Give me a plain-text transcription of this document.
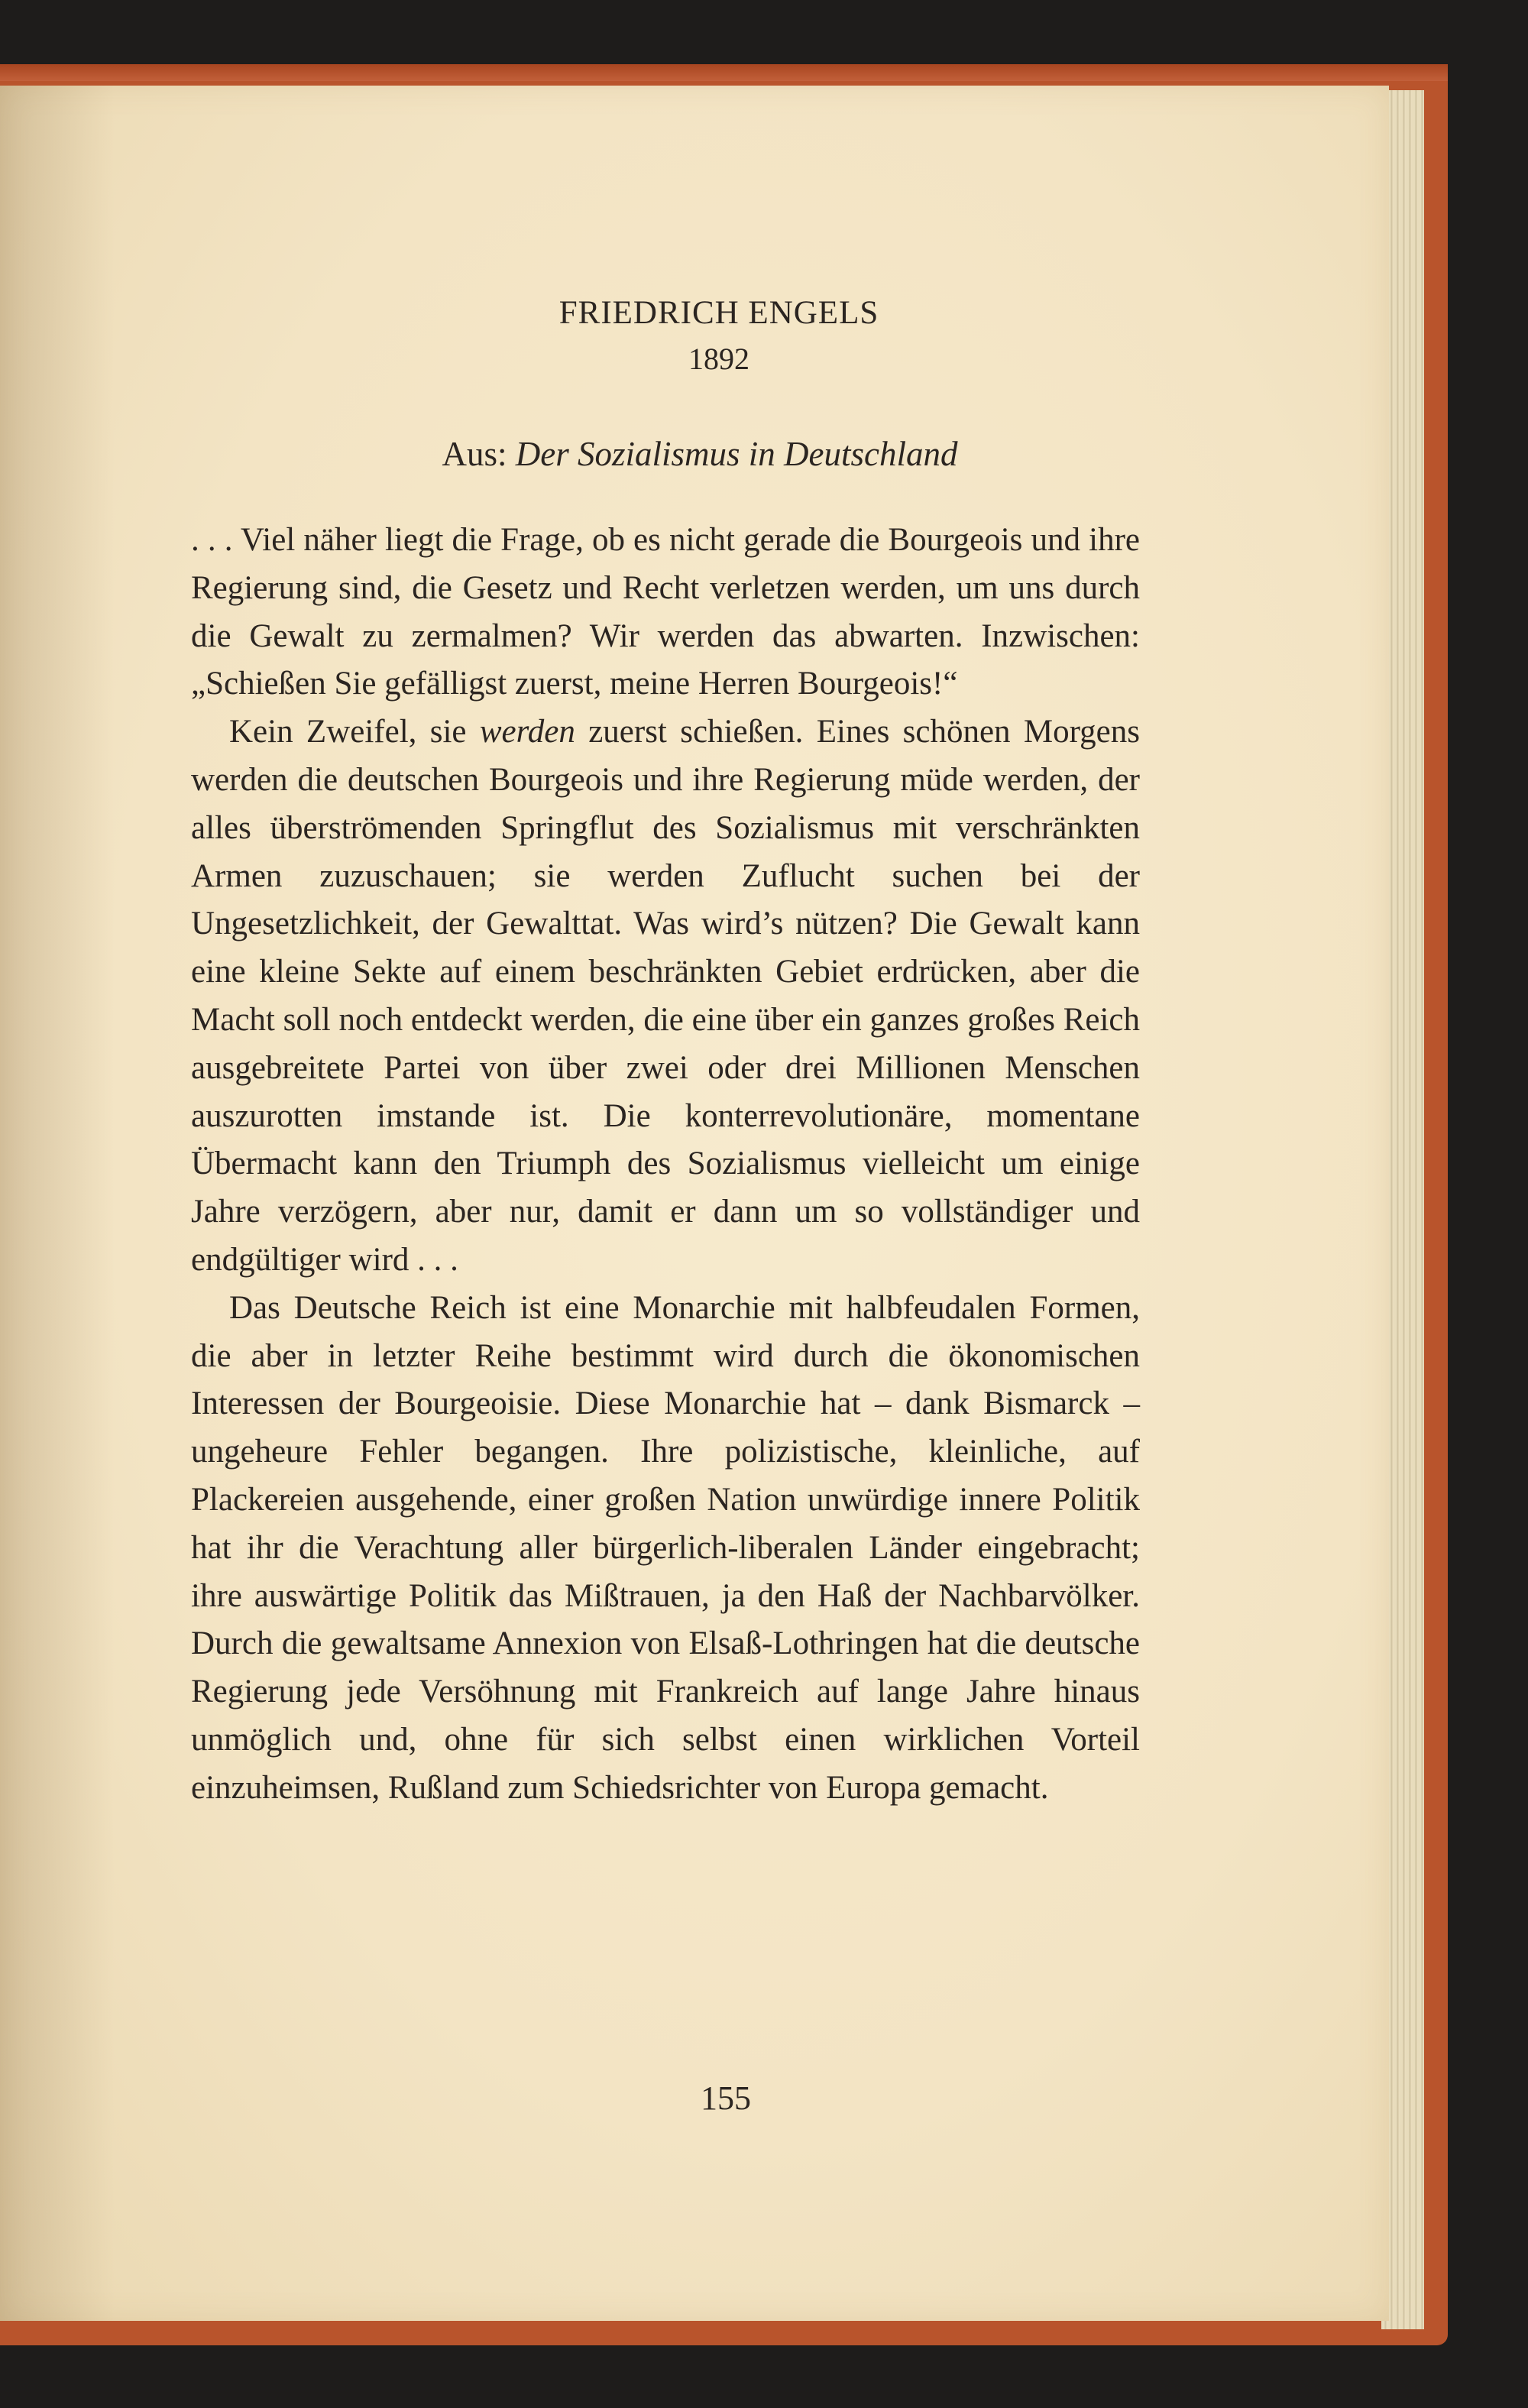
FRIEDRICH ENGELS

1892

Aus: Der Sozialismus in Deutschland

. . . Viel näher liegt die Frage, ob es nicht gerade die Bourgeois und ihre Regierung sind, die Gesetz und Recht verletzen werden, um uns durch die Gewalt zu zermalmen? Wir werden das abwarten. Inzwischen: „Schießen Sie gefälligst zuerst, meine Herren Bourgeois!“

Kein Zweifel, sie werden zuerst schießen. Eines schönen Morgens werden die deutschen Bourgeois und ihre Regierung müde werden, der alles überströmenden Springflut des Sozialismus mit verschränkten Armen zuzuschauen; sie werden Zuflucht suchen bei der Ungesetzlichkeit, der Gewalttat. Was wird’s nützen? Die Gewalt kann eine kleine Sekte auf einem beschränkten Gebiet erdrücken, aber die Macht soll noch entdeckt werden, die eine über ein ganzes großes Reich ausgebreitete Partei von über zwei oder drei Millionen Menschen auszurotten imstande ist. Die konterrevolutionäre, momentane Übermacht kann den Triumph des Sozialismus vielleicht um einige Jahre verzögern, aber nur, damit er dann um so vollständiger und endgültiger wird . . .

Das Deutsche Reich ist eine Monarchie mit halbfeudalen Formen, die aber in letzter Reihe bestimmt wird durch die ökonomischen Interessen der Bourgeoisie. Diese Monarchie hat – dank Bismarck – ungeheure Fehler begangen. Ihre polizistische, kleinliche, auf Plackereien ausgehende, einer großen Nation unwürdige innere Politik hat ihr die Verachtung aller bürgerlich-liberalen Länder eingebracht; ihre auswärtige Politik das Mißtrauen, ja den Haß der Nachbarvölker. Durch die gewaltsame Annexion von Elsaß-Lothringen hat die deutsche Regierung jede Versöhnung mit Frankreich auf lange Jahre hinaus unmöglich und, ohne für sich selbst einen wirklichen Vorteil einzuheimsen, Rußland zum Schiedsrichter von Europa gemacht.

155
